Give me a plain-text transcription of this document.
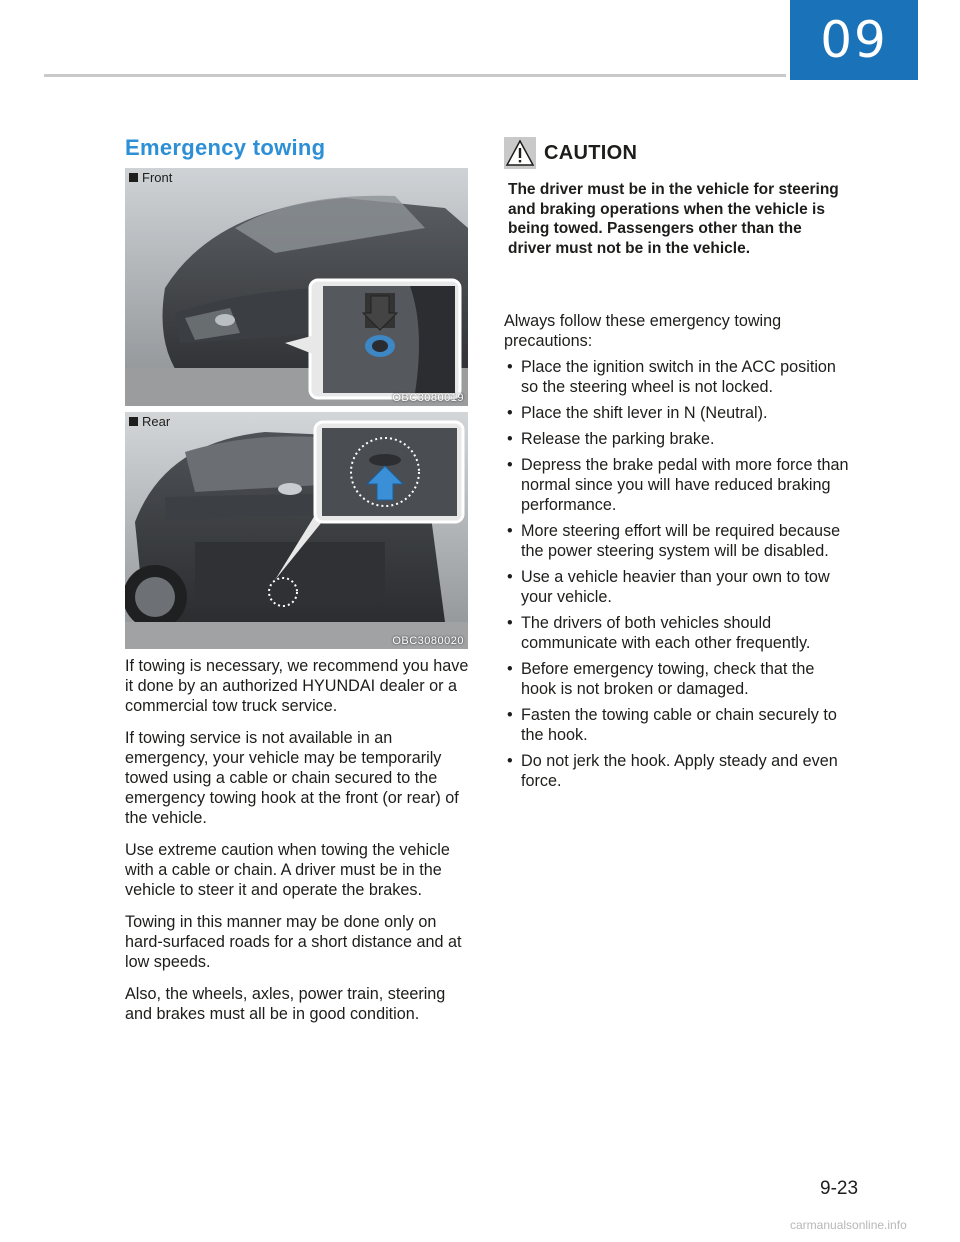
09
Emergency towing
Front
OBC3080019
Rear
OBC3080020

If towing is necessary, we recommend you have it done by an authorized HYUNDAI dealer or a commercial tow truck service.

If towing service is not available in an emergency, your vehicle may be temporarily towed using a cable or chain secured to the emergency towing hook at the front (or rear) of the vehicle.

Use extreme caution when towing the vehicle with a cable or chain. A driver must be in the vehicle to steer it and operate the brakes.

Towing in this manner may be done only on hard-surfaced roads for a short distance and at low speeds.

Also, the wheels, axles, power train, steering and brakes must all be in good condition.

CAUTION

The driver must be in the vehicle for steering and braking operations when the vehicle is being towed. Passengers other than the driver must not be in the vehicle.

Always follow these emergency towing precautions:

• Place the ignition switch in the ACC position so the steering wheel is not locked.
• Place the shift lever in N (Neutral).
• Release the parking brake.
• Depress the brake pedal with more force than normal since you will have reduced braking performance.
• More steering effort will be required because the power steering system will be disabled.
• Use a vehicle heavier than your own to tow your vehicle.
• The drivers of both vehicles should communicate with each other frequently.
• Before emergency towing, check that the hook is not broken or damaged.
• Fasten the towing cable or chain securely to the hook.
• Do not jerk the hook. Apply steady and even force.
9-23
carmanualsonline.info
